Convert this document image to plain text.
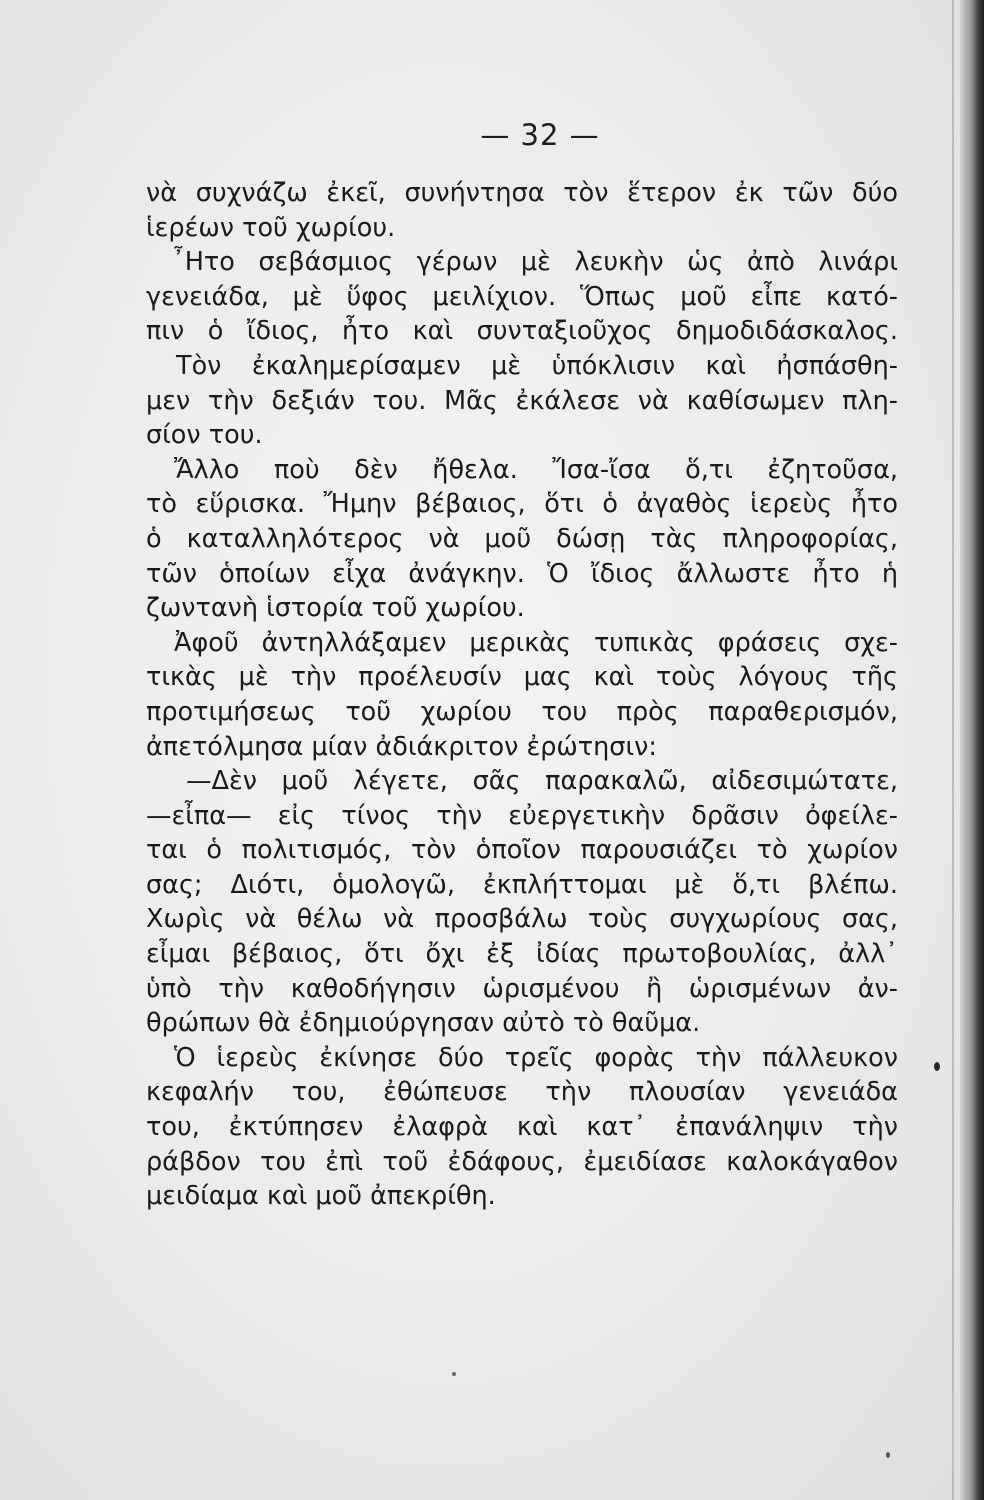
— 32 —
νὰ συχνάζω ἐκεῖ, συνήντησα τὸν ἕτερον ἐκ τῶν δύο
ἱερέων τοῦ χωρίου.
῏Ητο σεβάσμιος γέρων μὲ λευκὴν ὡς ἀπὸ λινάρι
γενειάδα, μὲ ὕφος μειλίχιον. Ὅπως μοῦ εἶπε κατό-
πιν ὁ ἴδιος, ἦτο καὶ συνταξιοῦχος δημοδιδάσκαλος.
Τὸν ἐκαλημερίσαμεν μὲ ὑπόκλισιν καὶ ἠσπάσθη-
μεν τὴν δεξιάν του. Μᾶς ἐκάλεσε νὰ καθίσωμεν πλη-
σίον του.
Ἄλλο ποὺ δὲν ἤθελα. Ἴσα-ἴσα ὅ,τι ἐζητοῦσα,
τὸ εὕρισκα. Ἤμην βέβαιος, ὅτι ὁ ἀγαθὸς ἱερεὺς ἦτο
ὁ καταλληλότερος νὰ μοῦ δώσῃ τὰς πληροφορίας,
τῶν ὁποίων εἶχα ἀνάγκην. Ὁ ἴδιος ἄλλωστε ἦτο ἡ
ζωντανὴ ἱστορία τοῦ χωρίου.
Ἀφοῦ ἀντηλλάξαμεν μερικὰς τυπικὰς φράσεις σχε-
τικὰς μὲ τὴν προέλευσίν μας καὶ τοὺς λόγους τῆς
προτιμήσεως τοῦ χωρίου του πρὸς παραθερισμόν,
ἀπετόλμησα μίαν ἀδιάκριτον ἐρώτησιν:
—Δὲν μοῦ λέγετε, σᾶς παρακαλῶ, αἰδεσιμώτατε,
—εἶπα— εἰς τίνος τὴν εὐεργετικὴν δρᾶσιν ὀφείλε-
ται ὁ πολιτισμός, τὸν ὁποῖον παρουσιάζει τὸ χωρίον
σας; Διότι, ὁμολογῶ, ἐκπλήττομαι μὲ ὅ,τι βλέπω.
Χωρὶς νὰ θέλω νὰ προσβάλω τοὺς συγχωρίους σας,
εἶμαι βέβαιος, ὅτι ὄχι ἐξ ἰδίας πρωτοβουλίας, ἀλλ᾿
ὑπὸ τὴν καθοδήγησιν ὡρισμένου ἢ ὡρισμένων ἀν-
θρώπων θὰ ἐδημιούργησαν αὐτὸ τὸ θαῦμα.
Ὁ ἱερεὺς ἐκίνησε δύο τρεῖς φορὰς τὴν πάλλευκον
κεφαλήν του, ἐθώπευσε τὴν πλουσίαν γενειάδα
του, ἐκτύπησεν ἐλαφρὰ καὶ κατ᾿ ἐπανάληψιν τὴν
ράβδον του ἐπὶ τοῦ ἐδάφους, ἐμειδίασε καλοκάγαθον
μειδίαμα καὶ μοῦ ἀπεκρίθη.
